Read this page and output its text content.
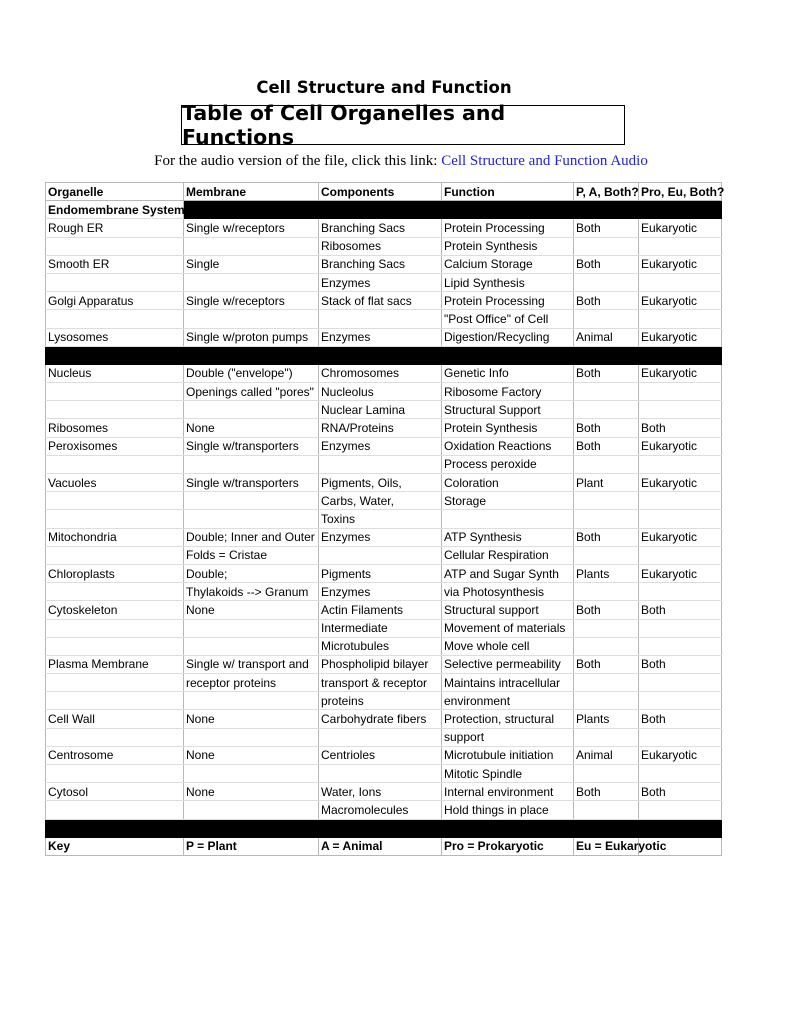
Cell Structure and Function
Table of Cell Organelles and Functions
For the audio version of the file, click this link: Cell Structure and Function Audio
Organelle	Membrane	Components	Function	P, A, Both?	Pro, Eu, Both?
Endomembrane System					
Rough ER	Single w/receptors	Branching Sacs	Protein Processing	Both	Eukaryotic
		Ribosomes	Protein Synthesis		
Smooth ER	Single	Branching Sacs	Calcium Storage	Both	Eukaryotic
		Enzymes	Lipid Synthesis		
Golgi Apparatus	Single w/receptors	Stack of flat sacs	Protein Processing	Both	Eukaryotic
			"Post Office" of Cell		
Lysosomes	Single w/proton pumps	Enzymes	Digestion/Recycling	Animal	Eukaryotic

Nucleus	Double ("envelope")	Chromosomes	Genetic Info	Both	Eukaryotic
	Openings called "pores"	Nucleolus	Ribosome Factory		
		Nuclear Lamina	Structural Support		
Ribosomes	None	RNA/Proteins	Protein Synthesis	Both	Both
Peroxisomes	Single w/transporters	Enzymes	Oxidation Reactions	Both	Eukaryotic
			Process peroxide		
Vacuoles	Single w/transporters	Pigments, Oils,	Coloration	Plant	Eukaryotic
		Carbs, Water,	Storage		
		Toxins			
Mitochondria	Double; Inner and Outer	Enzymes	ATP Synthesis	Both	Eukaryotic
	Folds = Cristae		Cellular Respiration		
Chloroplasts	Double;	Pigments	ATP and Sugar Synth	Plants	Eukaryotic
	Thylakoids --> Granum	Enzymes	via Photosynthesis		
Cytoskeleton	None	Actin Filaments	Structural support	Both	Both
		Intermediate	Movement of materials		
		Microtubules	Move whole cell		
Plasma Membrane	Single w/ transport and	Phospholipid bilayer	Selective permeability	Both	Both
	receptor proteins	transport & receptor	Maintains intracellular		
		proteins	environment		
Cell Wall	None	Carbohydrate fibers	Protection, structural	Plants	Both
			support		
Centrosome	None	Centrioles	Microtubule initiation	Animal	Eukaryotic
			Mitotic Spindle		
Cytosol	None	Water, Ions	Internal environment	Both	Both
		Macromolecules	Hold things in place		

Key	P = Plant	A = Animal	Pro = Prokaryotic	Eu = Eukaryotic	
